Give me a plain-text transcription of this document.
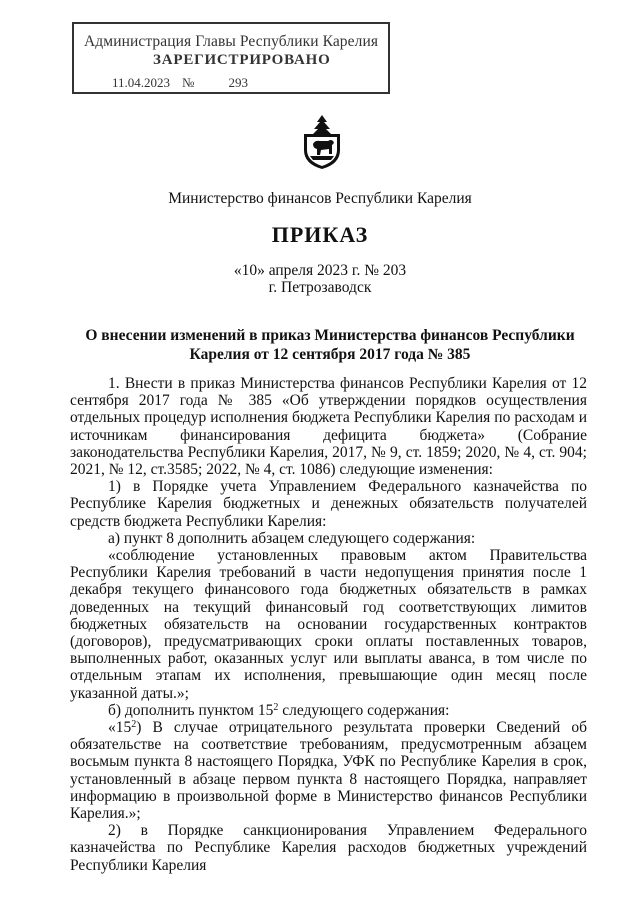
Администрация Главы Республики Карелия
ЗАРЕГИСТРИРОВАНО
11.04.2023 №	293
Министерство финансов Республики Карелия
ПРИКАЗ
«10» апреля 2023 г. № 203
г. Петрозаводск
О внесении изменений в приказ Министерства финансов Республики
Карелия от 12 сентября 2017 года № 385

1. Внести в приказ Министерства финансов Республики Карелия от 12 сентября 2017 года № 385 «Об утверждении порядков осуществления отдельных процедур исполнения бюджета Республики Карелия по расходам и источникам финансирования дефицита бюджета» (Собрание законодательства Республики Карелия, 2017, № 9, ст. 1859; 2020, № 4, ст. 904; 2021, № 12, ст.3585; 2022, № 4, ст. 1086) следующие изменения:

1) в Порядке учета Управлением Федерального казначейства по Республике Карелия бюджетных и денежных обязательств получателей средств бюджета Республики Карелия:

а) пункт 8 дополнить абзацем следующего содержания:

«соблюдение установленных правовым актом Правительства Республики Карелия требований в части недопущения принятия после 1 декабря текущего финансового года бюджетных обязательств в рамках доведенных на текущий финансовый год соответствующих лимитов бюджетных обязательств на основании государственных контрактов (договоров), предусматривающих сроки оплаты поставленных товаров, выполненных работ, оказанных услуг или выплаты аванса, в том числе по отдельным этапам их исполнения, превышающие один месяц после указанной даты.»;

б) дополнить пунктом $15^2$ следующего содержания:

«$15^2$) В случае отрицательного результата проверки Сведений об обязательстве на соответствие требованиям, предусмотренным абзацем восьмым пункта 8 настоящего Порядка, УФК по Республике Карелия в срок, установленный в абзаце первом пункта 8 настоящего Порядка, направляет информацию в произвольной форме в Министерство финансов Республики Карелия.»;

2) в Порядке санкционирования Управлением Федерального казначейства по Республике Карелия расходов бюджетных учреждений Республики Карелия
